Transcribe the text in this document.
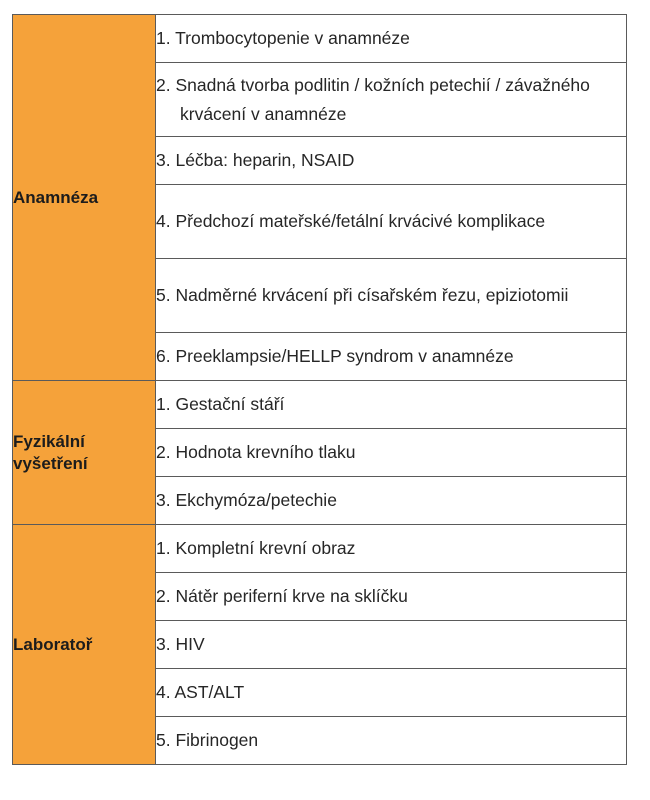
Anamnéza	1. Trombocytopenie v anamnéze

	2. Snadná tvorba podlitin / kožních petechií / závažného krvácení v anamnéze

	3. Léčba: heparin, NSAID

	4. Předchozí mateřské/fetální krvácivé komplikace

	5. Nadměrné krvácení při císařském řezu, epiziotomii

	6. Preeklampsie/HELLP syndrom v anamnéze

Fyzikální vyšetření	1. Gestační stáří

	2. Hodnota krevního tlaku

	3. Ekchymóza/petechie

Laboratoř	1. Kompletní krevní obraz

	2. Nátěr periferní krve na sklíčku

	3. HIV

	4. AST/ALT

	5. Fibrinogen
